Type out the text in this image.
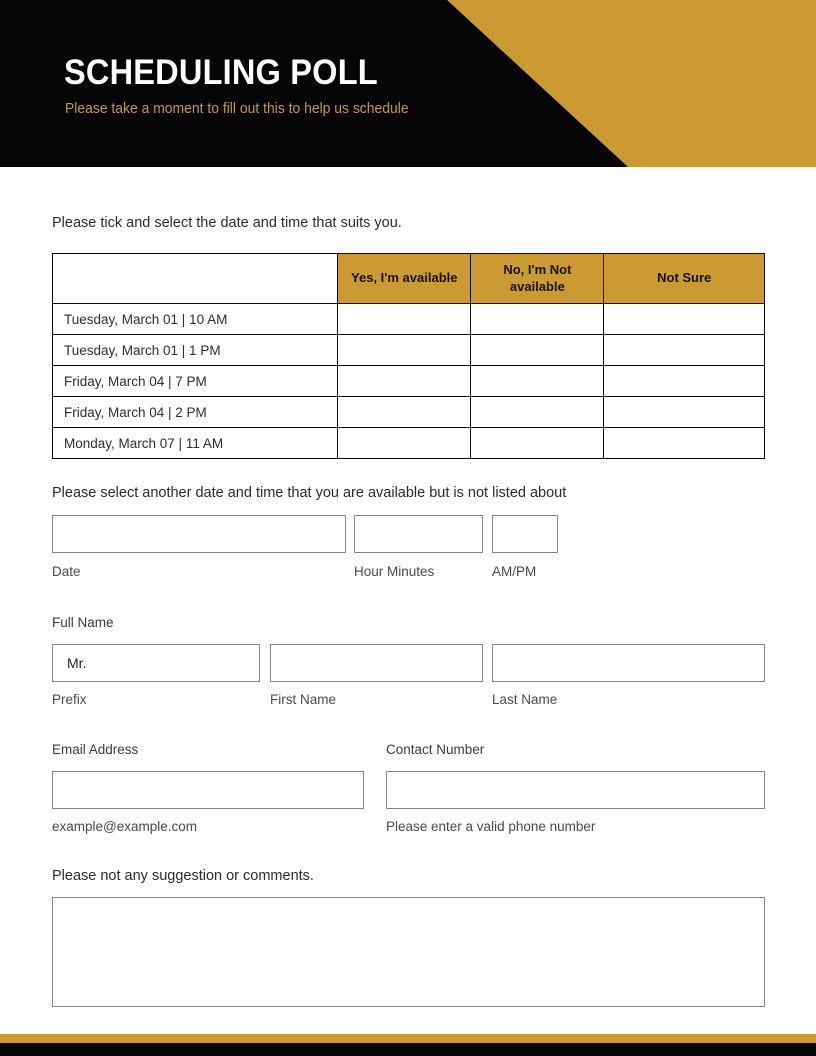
SCHEDULING POLL
Please take a moment to fill out this to help us schedule
Please tick and select the date and time that suits you.
	Yes, I'm available	No, I'm Not available	Not Sure
Tuesday, March 01 | 10 AM			
Tuesday, March 01 | 1 PM			
Friday, March 04 | 7 PM			
Friday, March 04 | 2 PM			
Monday, March 07 | 11 AM			
Please select another date and time that you are available but is not listed about
Date	Hour Minutes	AM/PM
Full Name
Mr.
Prefix	First Name	Last Name
Email Address	Contact Number
example@example.com	Please enter a valid phone number
Please not any suggestion or comments.
